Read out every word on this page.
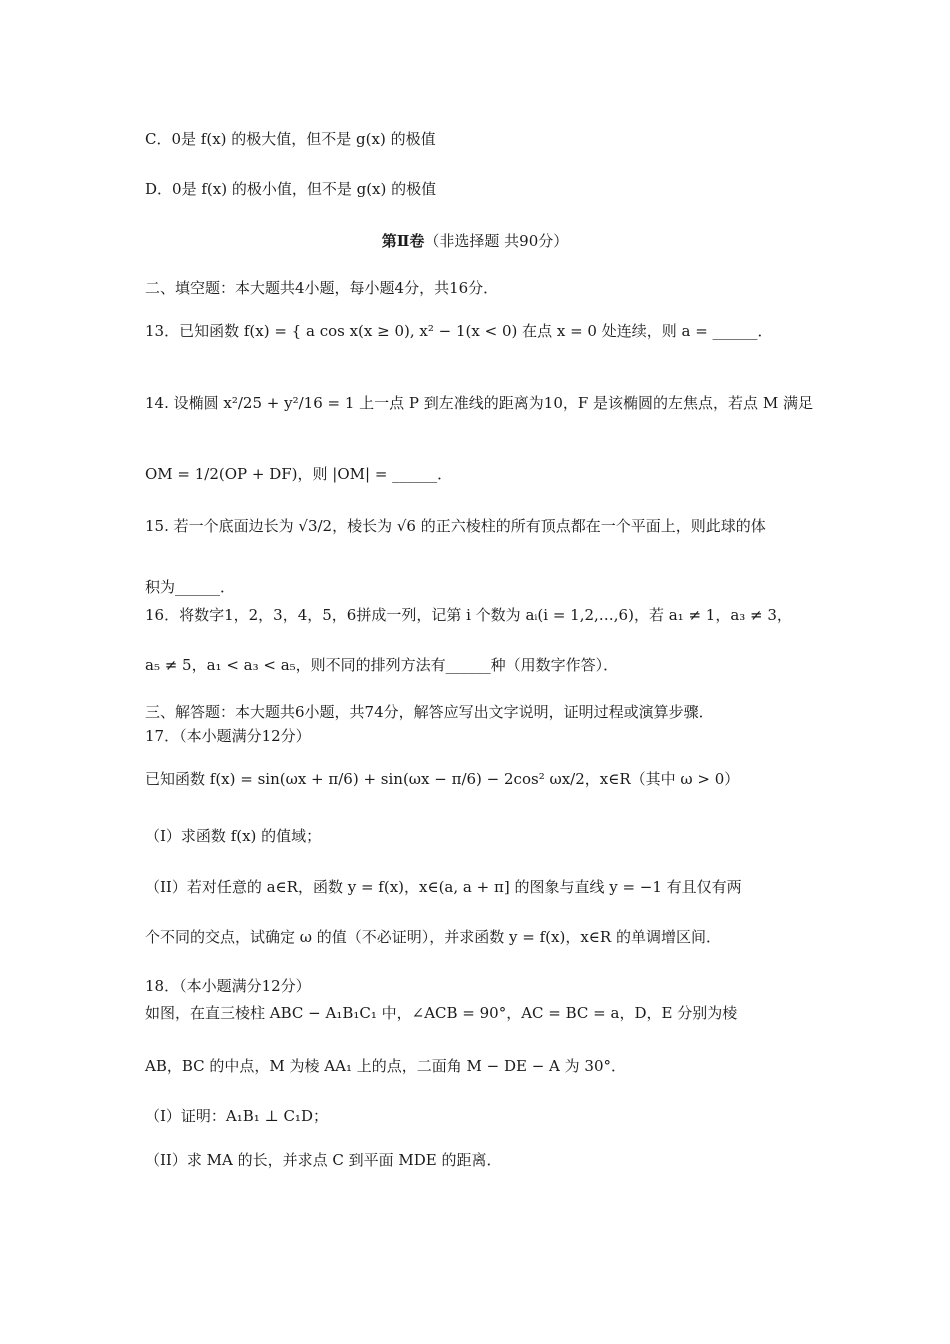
第Ⅱ卷（非选择题 共90分）
C．0是 f(x) 的极大值，但不是 g(x) 的极值
D．0是 f(x) 的极小值，但不是 g(x) 的极值
二、填空题：本大题共4小题，每小题4分，共16分．
13．已知函数 f(x) = { a cos x(x ≥ 0), x² − 1(x < 0) 在点 x = 0 处连续，则 a = ______．
14. 设椭圆 x²/25 + y²/16 = 1 上一点 P 到左准线的距离为10，F 是该椭圆的左焦点，若点 M 满足
OM = 1/2(OP + DF)，则 |OM| = ______．
15. 若一个底面边长为 √3/2，棱长为 √6 的正六棱柱的所有顶点都在一个平面上，则此球的体
积为______．
16．将数字1，2，3，4，5，6拼成一列，记第 i 个数为 aᵢ(i = 1,2,…,6)，若 a₁ ≠ 1，a₃ ≠ 3，
a₅ ≠ 5，a₁ < a₃ < a₅，则不同的排列方法有______种（用数字作答）．
三、解答题：本大题共6小题，共74分，解答应写出文字说明，证明过程或演算步骤．
17．（本小题满分12分）
已知函数 f(x) = sin(ωx + π/6) + sin(ωx − π/6) − 2cos² ωx/2，x∈R（其中 ω > 0）
（I）求函数 f(x) 的值域；
（II）若对任意的 a∈R，函数 y = f(x)，x∈(a, a + π] 的图象与直线 y = −1 有且仅有两
个不同的交点，试确定 ω 的值（不必证明），并求函数 y = f(x)，x∈R 的单调增区间．
18．（本小题满分12分）
如图，在直三棱柱 ABC − A₁B₁C₁ 中，∠ACB = 90°，AC = BC = a，D，E 分别为棱
AB，BC 的中点，M 为棱 AA₁ 上的点，二面角 M − DE − A 为 30°．
（I）证明：A₁B₁ ⊥ C₁D；
（II）求 MA 的长，并求点 C 到平面 MDE 的距离．
